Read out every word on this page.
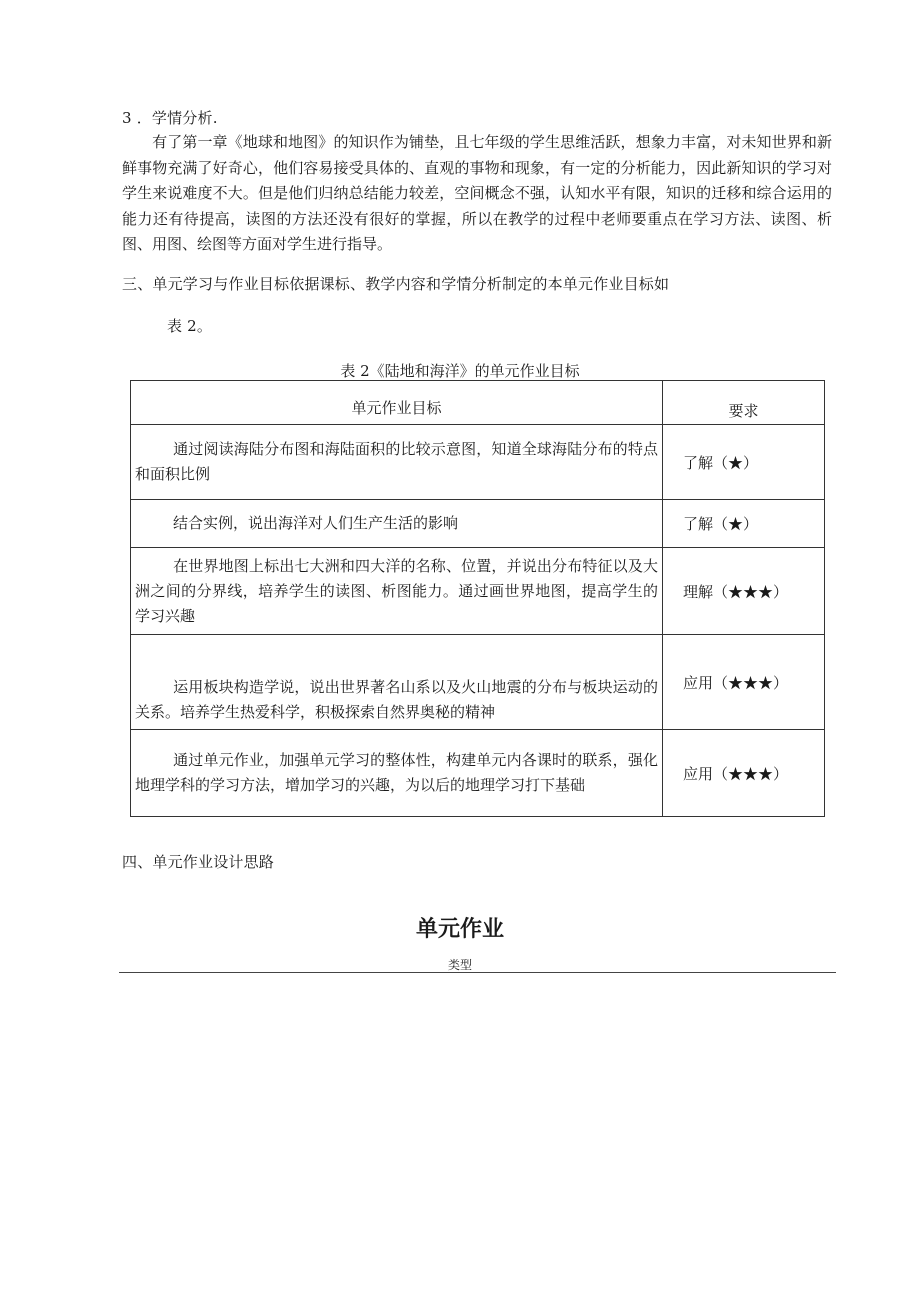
3 ．学情分析.
有了第一章《地球和地图》的知识作为铺垫，且七年级的学生思维活跃，想象力丰富，对未知世界和新鲜事物充满了好奇心，他们容易接受具体的、直观的事物和现象，有一定的分析能力，因此新知识的学习对学生来说难度不大。但是他们归纳总结能力较差，空间概念不强，认知水平有限，知识的迁移和综合运用的能力还有待提高，读图的方法还没有很好的掌握，所以在教学的过程中老师要重点在学习方法、读图、析图、用图、绘图等方面对学生进行指导。
三、单元学习与作业目标依据课标、教学内容和学情分析制定的本单元作业目标如
表 2。
表 2《陆地和海洋》的单元作业目标
单元作业目标	要求
通过阅读海陆分布图和海陆面积的比较示意图，知道全球海陆分布的特点和面积比例	了解（★）
结合实例，说出海洋对人们生产生活的影响	了解（★）
在世界地图上标出七大洲和四大洋的名称、位置，并说出分布特征以及大洲之间的分界线，培养学生的读图、析图能力。通过画世界地图，提高学生的学习兴趣	理解（★★★）
运用板块构造学说，说出世界著名山系以及火山地震的分布与板块运动的关系。培养学生热爱科学，积极探索自然界奥秘的精神	应用（★★★）
通过单元作业，加强单元学习的整体性，构建单元内各课时的联系，强化地理学科的学习方法，增加学习的兴趣，为以后的地理学习打下基础	应用（★★★）
四、单元作业设计思路
单元作业
类型
